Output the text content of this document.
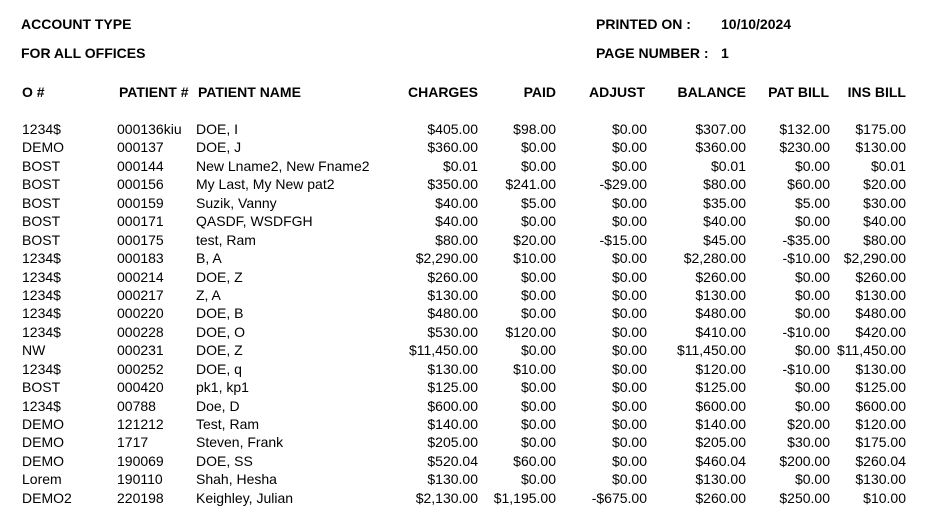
ACCOUNT TYPE
FOR ALL OFFICES
PRINTED ON : 10/10/2024
PAGE NUMBER : 1
O #	PATIENT # PATIENT NAME	CHARGES	PAID ADJUST BALANCE PAT BILL INS BILL
1234$	000136kiu DOE, I	$405.00	$98.00	$0.00	$307.00 $132.00 $175.00
DEMO	000137 DOE, J	$360.00	$0.00	$0.00	$360.00 $230.00 $130.00
BOST	000144 New Lname2, New Fname2	$0.01	$0.00	$0.00	$0.01	$0.00	$0.01
BOST	000156 My Last, My New pat2	$350.00 $241.00	-$29.00	$80.00	$60.00 $20.00
BOST	000159 Suzik, Vanny	$40.00	$5.00	$0.00	$35.00	$5.00 $30.00
BOST	000171 QASDF, WSDFGH	$40.00	$0.00	$0.00	$40.00	$0.00 $40.00
BOST	000175 test, Ram	$80.00	$20.00	-$15.00	$45.00	-$35.00 $80.00
1234$	000183 B, A	$2,290.00	$10.00	$0.00	$2,280.00	-$10.00 $2,290.00
1234$	000214 DOE, Z	$260.00	$0.00	$0.00	$260.00	$0.00 $260.00
1234$	000217 Z, A	$130.00	$0.00	$0.00	$130.00	$0.00 $130.00
1234$	000220 DOE, B	$480.00	$0.00	$0.00	$480.00	$0.00 $480.00
1234$	000228 DOE, O	$530.00 $120.00	$0.00	$410.00	-$10.00 $420.00
NW	000231 DOE, Z	$11,450.00	$0.00	$0.00 $11,450.00	$0.00 $11,450.00
1234$	000252 DOE, q	$130.00	$10.00	$0.00	$120.00	-$10.00 $130.00
BOST	000420 pk1, kp1	$125.00	$0.00	$0.00	$125.00	$0.00 $125.00
1234$	00788	Doe, D	$600.00	$0.00	$0.00	$600.00	$0.00 $600.00
DEMO	121212 Test, Ram	$140.00	$0.00	$0.00	$140.00	$20.00 $120.00
DEMO	1717	Steven, Frank	$205.00	$0.00	$0.00	$205.00	$30.00 $175.00
DEMO	190069 DOE, SS	$520.04	$60.00	$0.00	$460.04 $200.00 $260.04
Lorem	190110 Shah, Hesha	$130.00	$0.00	$0.00	$130.00	$0.00 $130.00
DEMO2	220198 Keighley, Julian	$2,130.00 $1,195.00	-$675.00	$260.00 $250.00 $10.00
